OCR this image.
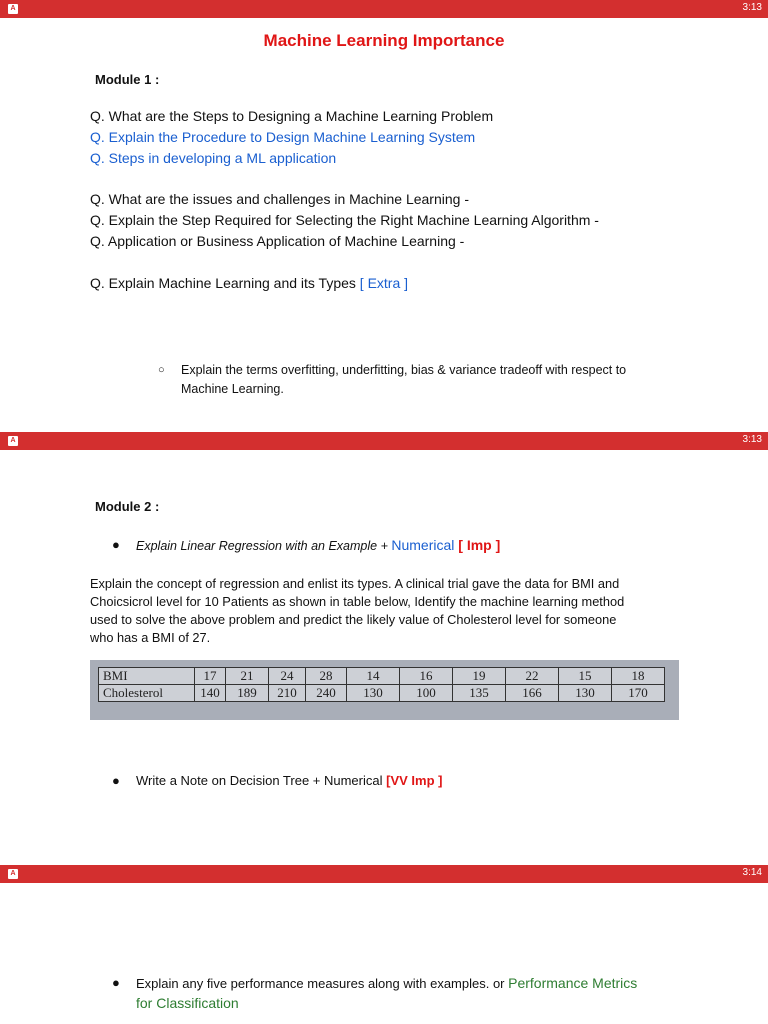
A	3:13
A	3:13
A	3:14
Machine Learning Importance
Module 1 :
Q. What are the Steps to Designing a Machine Learning Problem
Q. Explain the Procedure to Design Machine Learning System
Q. Steps in developing a ML application
Q. What are the issues and challenges in Machine Learning -
Q. Explain the Step Required for Selecting the Right Machine Learning Algorithm -
Q. Application or Business Application of Machine Learning -
Q. Explain Machine Learning and its Types [ Extra ]
○ Explain the terms overfitting, underfitting, bias & variance tradeoff with respect to
Machine Learning.
Module 2 :
● Explain Linear Regression with an Example + Numerical [ Imp ]
Explain the concept of regression and enlist its types. A clinical trial gave the data for BMI and
Choicsicrol level for 10 Patients as shown in table below, Identify the machine learning method
used to solve the above problem and predict the likely value of Cholesterol level for someone
who has a BMI of 27.
BMI	17	21	24	28	14	16	19	22	15	18
Cholesterol	140	189	210	240	130	100	135	166	130	170
● Write a Note on Decision Tree + Numerical [VV Imp ]
● Explain any five performance measures along with examples. or Performance Metrics
for Classification
